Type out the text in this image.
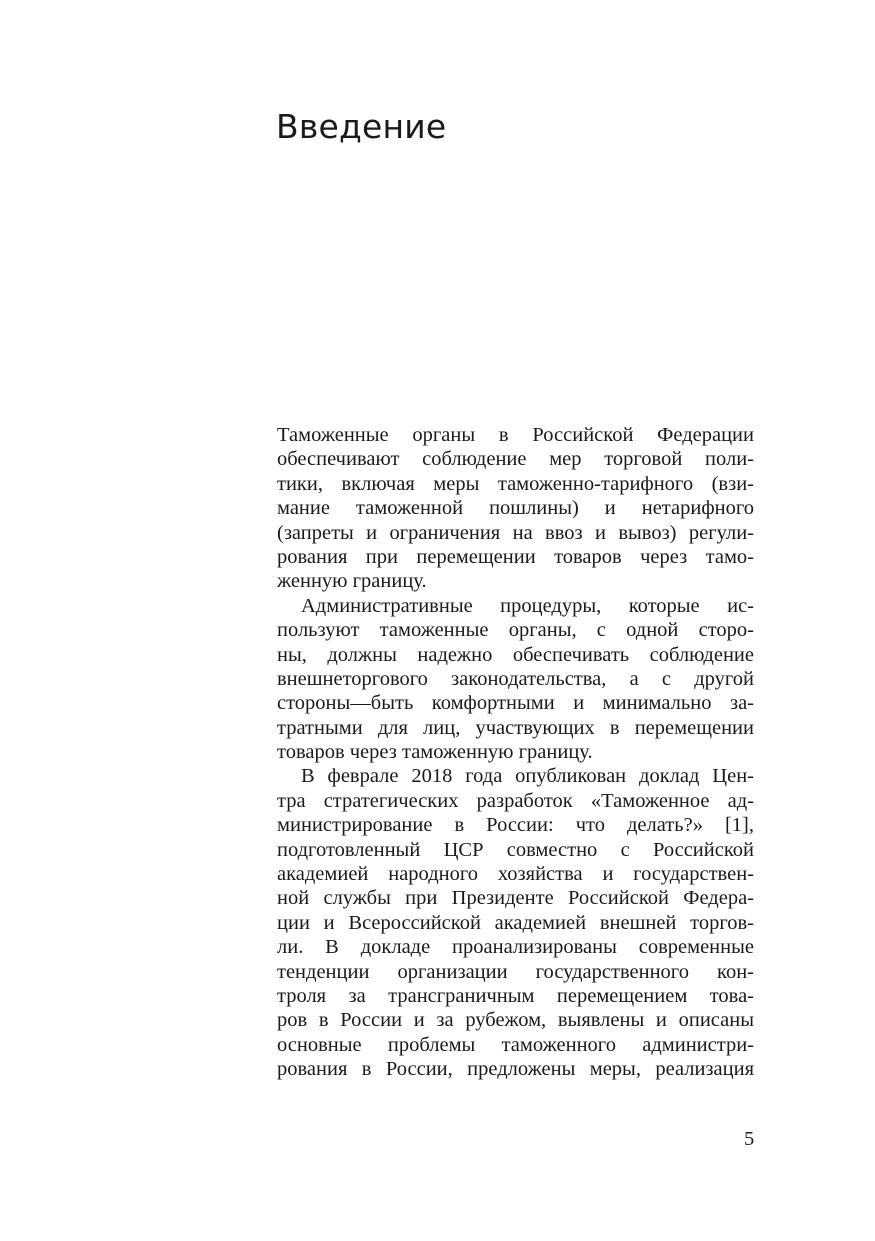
Введение
Таможенные органы в Российской Федерации
обеспечивают соблюдение мер торговой поли-
тики, включая меры таможенно-тарифного (взи-
мание таможенной пошлины) и нетарифного
(запреты и ограничения на ввоз и вывоз) регули-
рования при перемещении товаров через тамо-
женную границу.
Административные процедуры, которые ис-
пользуют таможенные органы, с одной сторо-
ны, должны надежно обеспечивать соблюдение
внешнеторгового законодательства, а с другой
стороны—быть комфортными и минимально за-
тратными для лиц, участвующих в перемещении
товаров через таможенную границу.
В феврале 2018 года опубликован доклад Цен-
тра стратегических разработок «Таможенное ад-
министрирование в России: что делать?» [1],
подготовленный ЦСР совместно с Российской
академией народного хозяйства и государствен-
ной службы при Президенте Российской Федера-
ции и Всероссийской академией внешней торгов-
ли. В докладе проанализированы современные
тенденции организации государственного кон-
троля за трансграничным перемещением това-
ров в России и за рубежом, выявлены и описаны
основные проблемы таможенного администри-
рования в России, предложены меры, реализация
5
